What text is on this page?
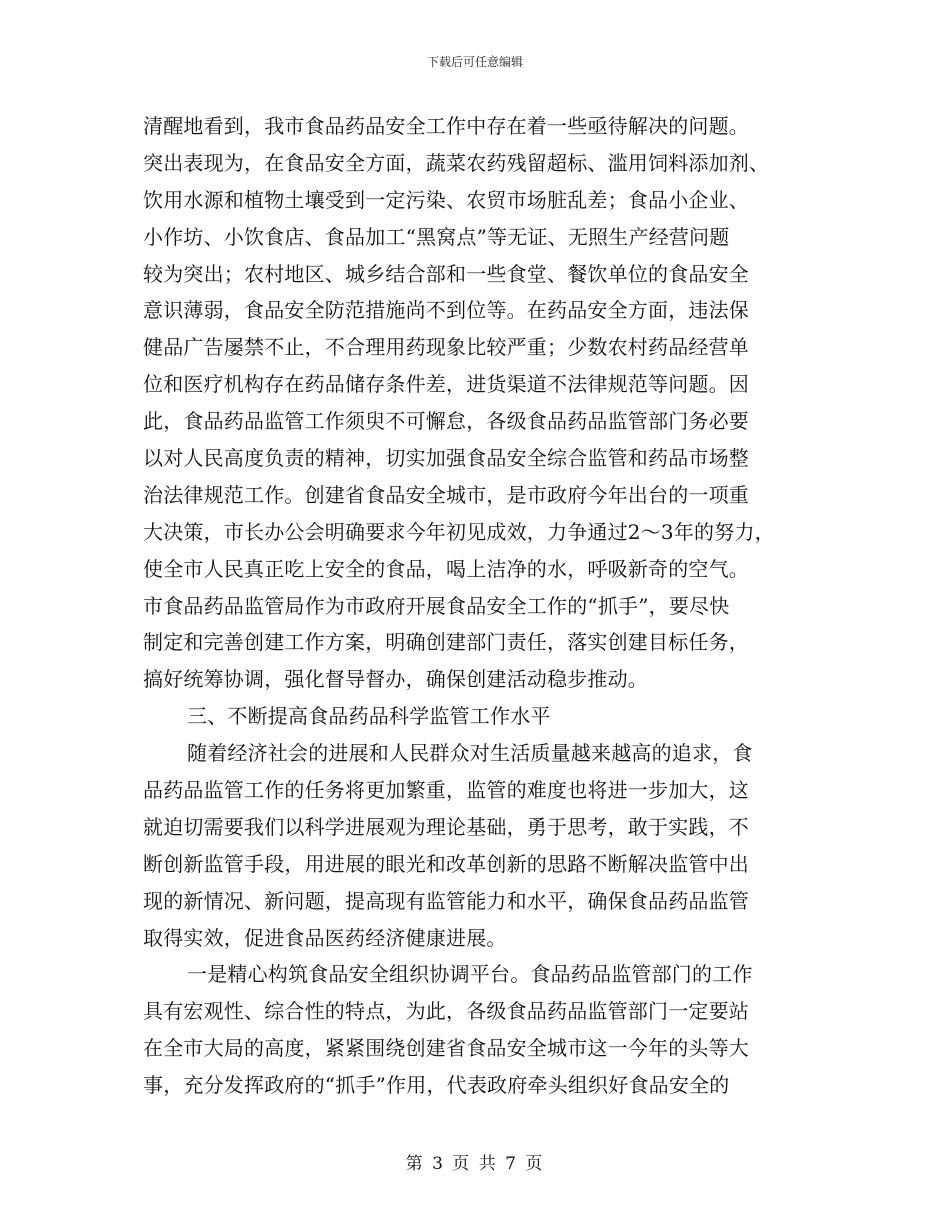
下载后可任意编辑
清醒地看到，我市食品药品安全工作中存在着一些亟待解决的问题。
突出表现为，在食品安全方面，蔬菜农药残留超标、滥用饲料添加剂、
饮用水源和植物土壤受到一定污染、农贸市场脏乱差；食品小企业、
小作坊、小饮食店、食品加工“黑窝点”等无证、无照生产经营问题
较为突出；农村地区、城乡结合部和一些食堂、餐饮单位的食品安全
意识薄弱，食品安全防范措施尚不到位等。在药品安全方面，违法保
健品广告屡禁不止，不合理用药现象比较严重；少数农村药品经营单
位和医疗机构存在药品储存条件差，进货渠道不法律规范等问题。因
此，食品药品监管工作须臾不可懈怠，各级食品药品监管部门务必要
以对人民高度负责的精神，切实加强食品安全综合监管和药品市场整
治法律规范工作。创建省食品安全城市，是市政府今年出台的一项重
大决策，市长办公会明确要求今年初见成效，力争通过2～3年的努力，
使全市人民真正吃上安全的食品，喝上洁净的水，呼吸新奇的空气。
市食品药品监管局作为市政府开展食品安全工作的“抓手”，要尽快
制定和完善创建工作方案，明确创建部门责任，落实创建目标任务，
搞好统筹协调，强化督导督办，确保创建活动稳步推动。
三、不断提高食品药品科学监管工作水平
随着经济社会的进展和人民群众对生活质量越来越高的追求，食
品药品监管工作的任务将更加繁重，监管的难度也将进一步加大，这
就迫切需要我们以科学进展观为理论基础，勇于思考，敢于实践，不
断创新监管手段，用进展的眼光和改革创新的思路不断解决监管中出
现的新情况、新问题，提高现有监管能力和水平，确保食品药品监管
取得实效，促进食品医药经济健康进展。
一是精心构筑食品安全组织协调平台。食品药品监管部门的工作
具有宏观性、综合性的特点，为此，各级食品药品监管部门一定要站
在全市大局的高度，紧紧围绕创建省食品安全城市这一今年的头等大
事，充分发挥政府的“抓手”作用，代表政府牵头组织好食品安全的
第 3 页 共 7 页
